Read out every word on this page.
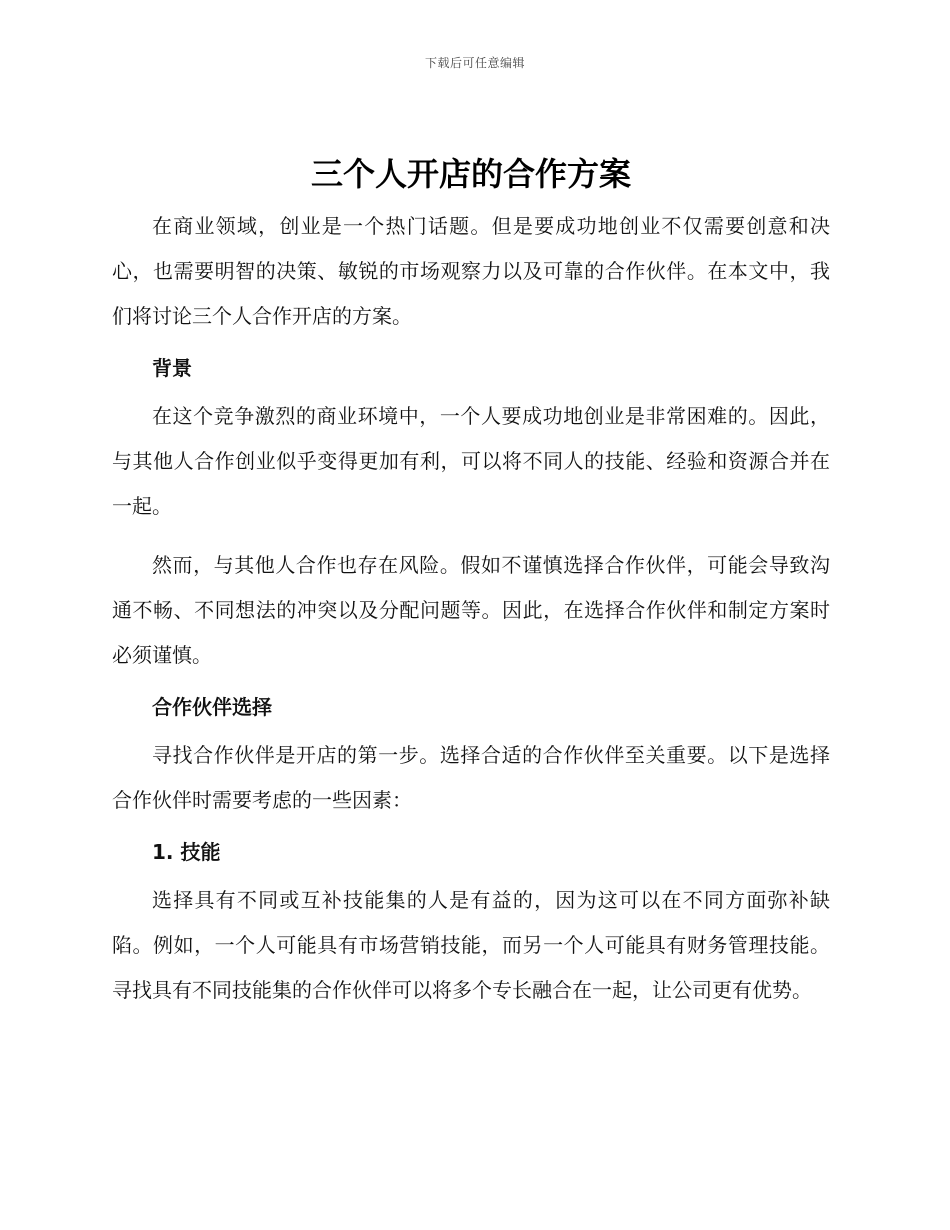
下载后可任意编辑
三个人开店的合作方案

在商业领域，创业是一个热门话题。但是要成功地创业不仅需要创意和决心，也需要明智的决策、敏锐的市场观察力以及可靠的合作伙伴。在本文中，我们将讨论三个人合作开店的方案。

背景

在这个竞争激烈的商业环境中，一个人要成功地创业是非常困难的。因此，与其他人合作创业似乎变得更加有利，可以将不同人的技能、经验和资源合并在一起。

然而，与其他人合作也存在风险。假如不谨慎选择合作伙伴，可能会导致沟通不畅、不同想法的冲突以及分配问题等。因此，在选择合作伙伴和制定方案时必须谨慎。

合作伙伴选择

寻找合作伙伴是开店的第一步。选择合适的合作伙伴至关重要。以下是选择合作伙伴时需要考虑的一些因素：

1. 技能

选择具有不同或互补技能集的人是有益的，因为这可以在不同方面弥补缺陷。例如，一个人可能具有市场营销技能，而另一个人可能具有财务管理技能。寻找具有不同技能集的合作伙伴可以将多个专长融合在一起，让公司更有优势。
